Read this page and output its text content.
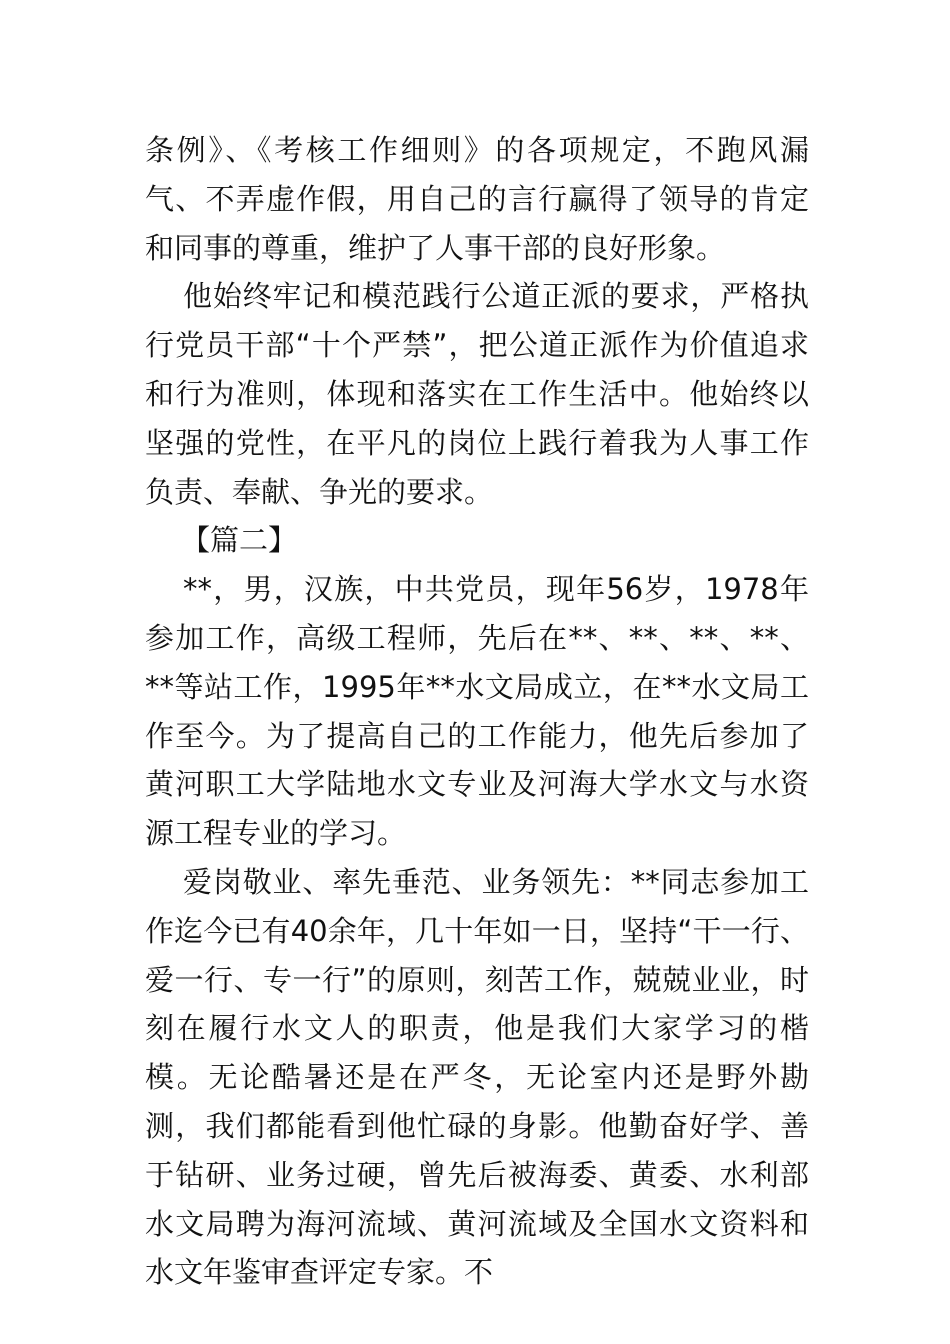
条例》、《考核工作细则》的各项规定，不跑风漏气、不弄虚作假，用自己的言行赢得了领导的肯定和同事的尊重，维护了人事干部的良好形象。

他始终牢记和模范践行公道正派的要求，严格执行党员干部“十个严禁”，把公道正派作为价值追求和行为准则，体现和落实在工作生活中。他始终以坚强的党性，在平凡的岗位上践行着我为人事工作负责、奉献、争光的要求。

【篇二】

**，男，汉族，中共党员，现年56岁，1978年参加工作，高级工程师，先后在**、**、**、**、**等站工作，1995年**水文局成立，在**水文局工作至今。为了提高自己的工作能力，他先后参加了黄河职工大学陆地水文专业及河海大学水文与水资源工程专业的学习。

爱岗敬业、率先垂范、业务领先：**同志参加工作迄今已有40余年，几十年如一日，坚持“干一行、爱一行、专一行”的原则，刻苦工作，兢兢业业，时刻在履行水文人的职责，他是我们大家学习的楷模。无论酷暑还是在严冬，无论室内还是野外勘测，我们都能看到他忙碌的身影。他勤奋好学、善于钻研、业务过硬，曾先后被海委、黄委、水利部水文局聘为海河流域、黄河流域及全国水文资料和水文年鉴审查评定专家。不
